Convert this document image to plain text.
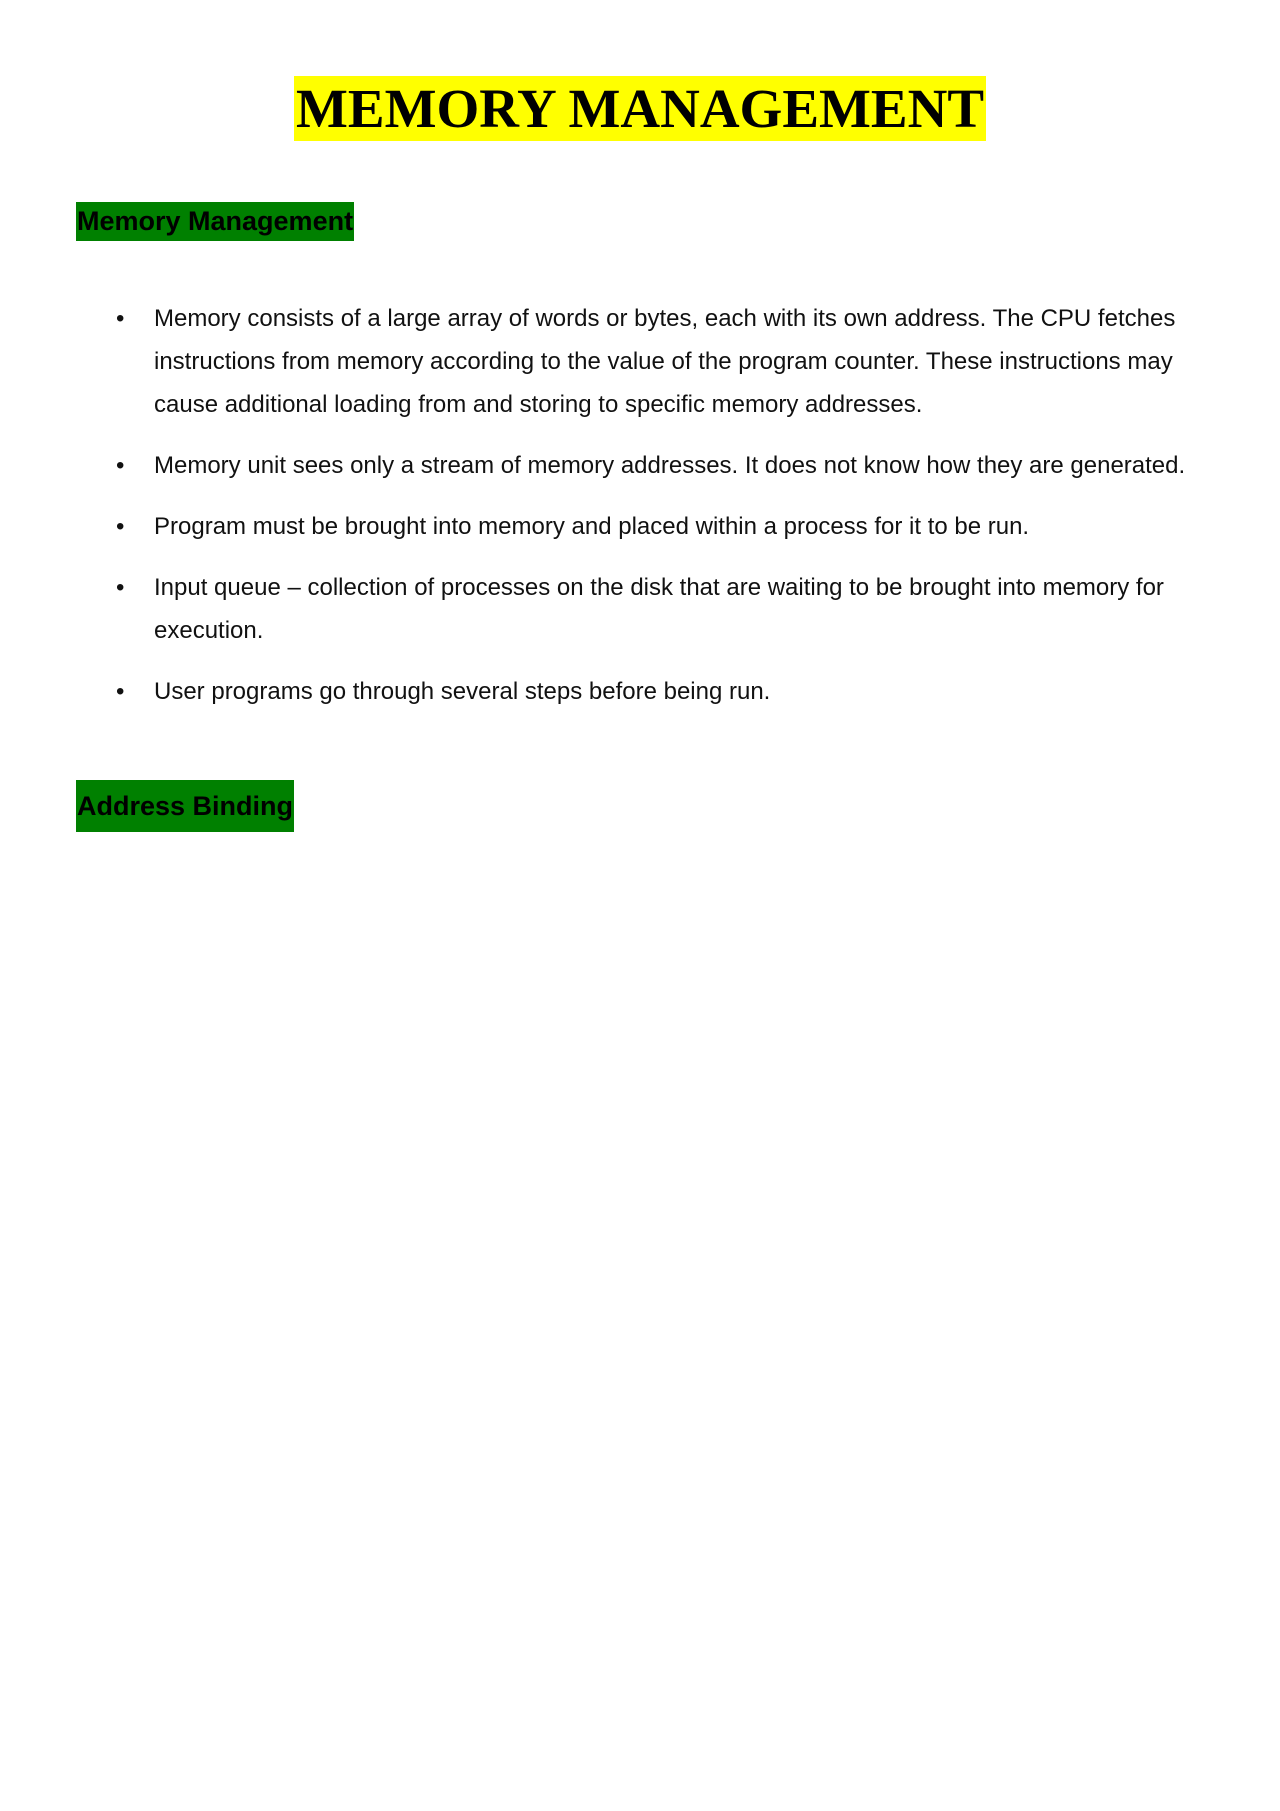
MEMORY MANAGEMENT
Memory Management
• Memory consists of a large array of words or bytes, each with its own address. The CPU fetches instructions from memory according to the value of the program counter. These instructions may cause additional loading from and storing to specific memory addresses.
• Memory unit sees only a stream of memory addresses. It does not know how they are generated.
• Program must be brought into memory and placed within a process for it to be run.
• Input queue – collection of processes on the disk that are waiting to be brought into memory for execution.
• User programs go through several steps before being run.
Address Binding
